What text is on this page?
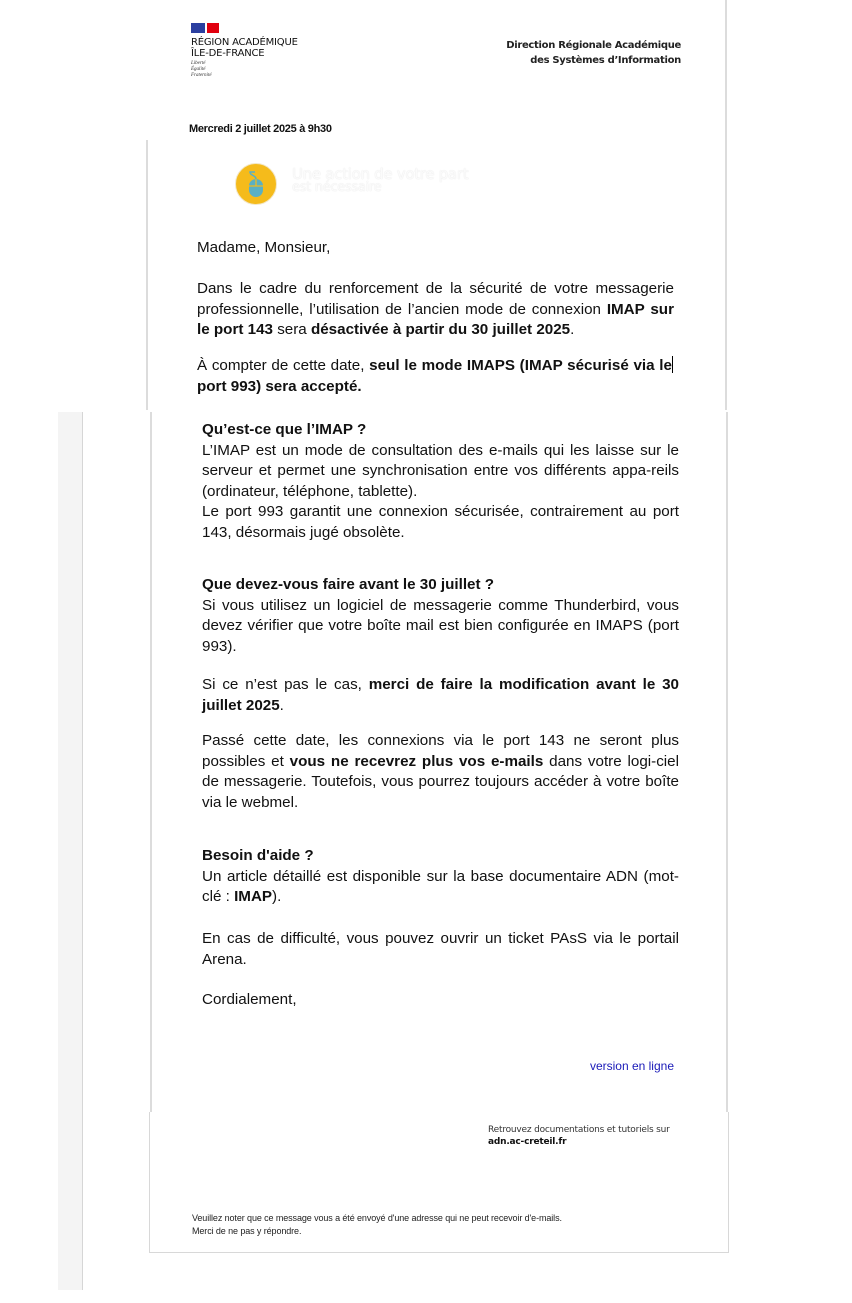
RÉGION ACADÉMIQUE
ÎLE-DE-FRANCE
Liberté
Égalité
Fraternité
Direction Régionale Académique
des Systèmes d’Information
Mercredi 2 juillet 2025 à 9h30
Une action de votre part
est nécessaire
Madame, Monsieur,
Dans le cadre du renforcement de la sécurité de votre messagerie professionnelle, l’utilisation de l’ancien mode de connexion IMAP sur le port 143 sera désactivée à partir du 30 juillet 2025.
À compter de cette date, seul le mode IMAPS (IMAP sécurisé via le port 993) sera accepté.
Qu’est-ce que l’IMAP ?
L’IMAP est un mode de consultation des e-mails qui les laisse sur le serveur et permet une synchronisation entre vos différents appa-reils (ordinateur, téléphone, tablette).
Le port 993 garantit une connexion sécurisée, contrairement au port 143, désormais jugé obsolète.
Que devez-vous faire avant le 30 juillet ?
Si vous utilisez un logiciel de messagerie comme Thunderbird, vous devez vérifier que votre boîte mail est bien configurée en IMAPS (port 993).
Si ce n’est pas le cas, merci de faire la modification avant le 30 juillet 2025.
Passé cette date, les connexions via le port 143 ne seront plus possibles et vous ne recevrez plus vos e-mails dans votre logi-ciel de messagerie. Toutefois, vous pourrez toujours accéder à votre boîte via le webmel.
Besoin d'aide ?
Un article détaillé est disponible sur la base documentaire ADN (mot-clé : IMAP).
En cas de difficulté, vous pouvez ouvrir un ticket PAsS via le portail Arena.
Cordialement,
version en ligne
Retrouvez documentations et tutoriels sur
adn.ac-creteil.fr
Veuillez noter que ce message vous a été envoyé d'une adresse qui ne peut recevoir d'e-mails.
Merci de ne pas y répondre.
